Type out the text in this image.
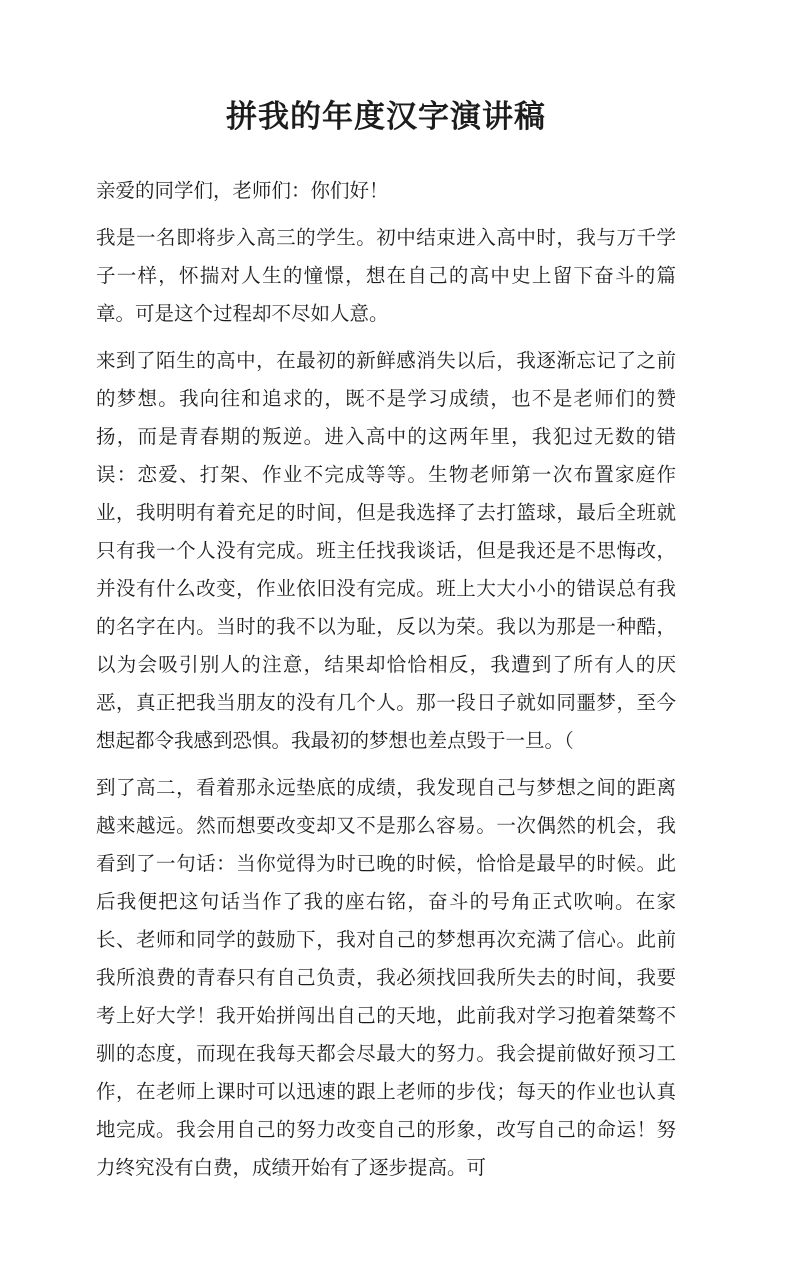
拼我的年度汉字演讲稿

亲爱的同学们，老师们：你们好！

我是一名即将步入高三的学生。初中结束进入高中时，我与万千学子一样，怀揣对人生的憧憬，想在自己的高中史上留下奋斗的篇章。可是这个过程却不尽如人意。

来到了陌生的高中，在最初的新鲜感消失以后，我逐渐忘记了之前的梦想。我向往和追求的，既不是学习成绩，也不是老师们的赞扬，而是青春期的叛逆。进入高中的这两年里，我犯过无数的错误：恋爱、打架、作业不完成等等。生物老师第一次布置家庭作业，我明明有着充足的时间，但是我选择了去打篮球，最后全班就只有我一个人没有完成。班主任找我谈话，但是我还是不思悔改，并没有什么改变，作业依旧没有完成。班上大大小小的错误总有我的名字在内。当时的我不以为耻，反以为荣。我以为那是一种酷，以为会吸引别人的注意，结果却恰恰相反，我遭到了所有人的厌恶，真正把我当朋友的没有几个人。那一段日子就如同噩梦，至今想起都令我感到恐惧。我最初的梦想也差点毁于一旦。（

到了高二，看着那永远垫底的成绩，我发现自己与梦想之间的距离越来越远。然而想要改变却又不是那么容易。一次偶然的机会，我看到了一句话：当你觉得为时已晚的时候，恰恰是最早的时候。此后我便把这句话当作了我的座右铭，奋斗的号角正式吹响。在家长、老师和同学的鼓励下，我对自己的梦想再次充满了信心。此前我所浪费的青春只有自己负责，我必须找回我所失去的时间，我要考上好大学！我开始拼闯出自己的天地，此前我对学习抱着桀骜不驯的态度，而现在我每天都会尽最大的努力。我会提前做好预习工作，在老师上课时可以迅速的跟上老师的步伐；每天的作业也认真地完成。我会用自己的努力改变自己的形象，改写自己的命运！努力终究没有白费，成绩开始有了逐步提高。可
